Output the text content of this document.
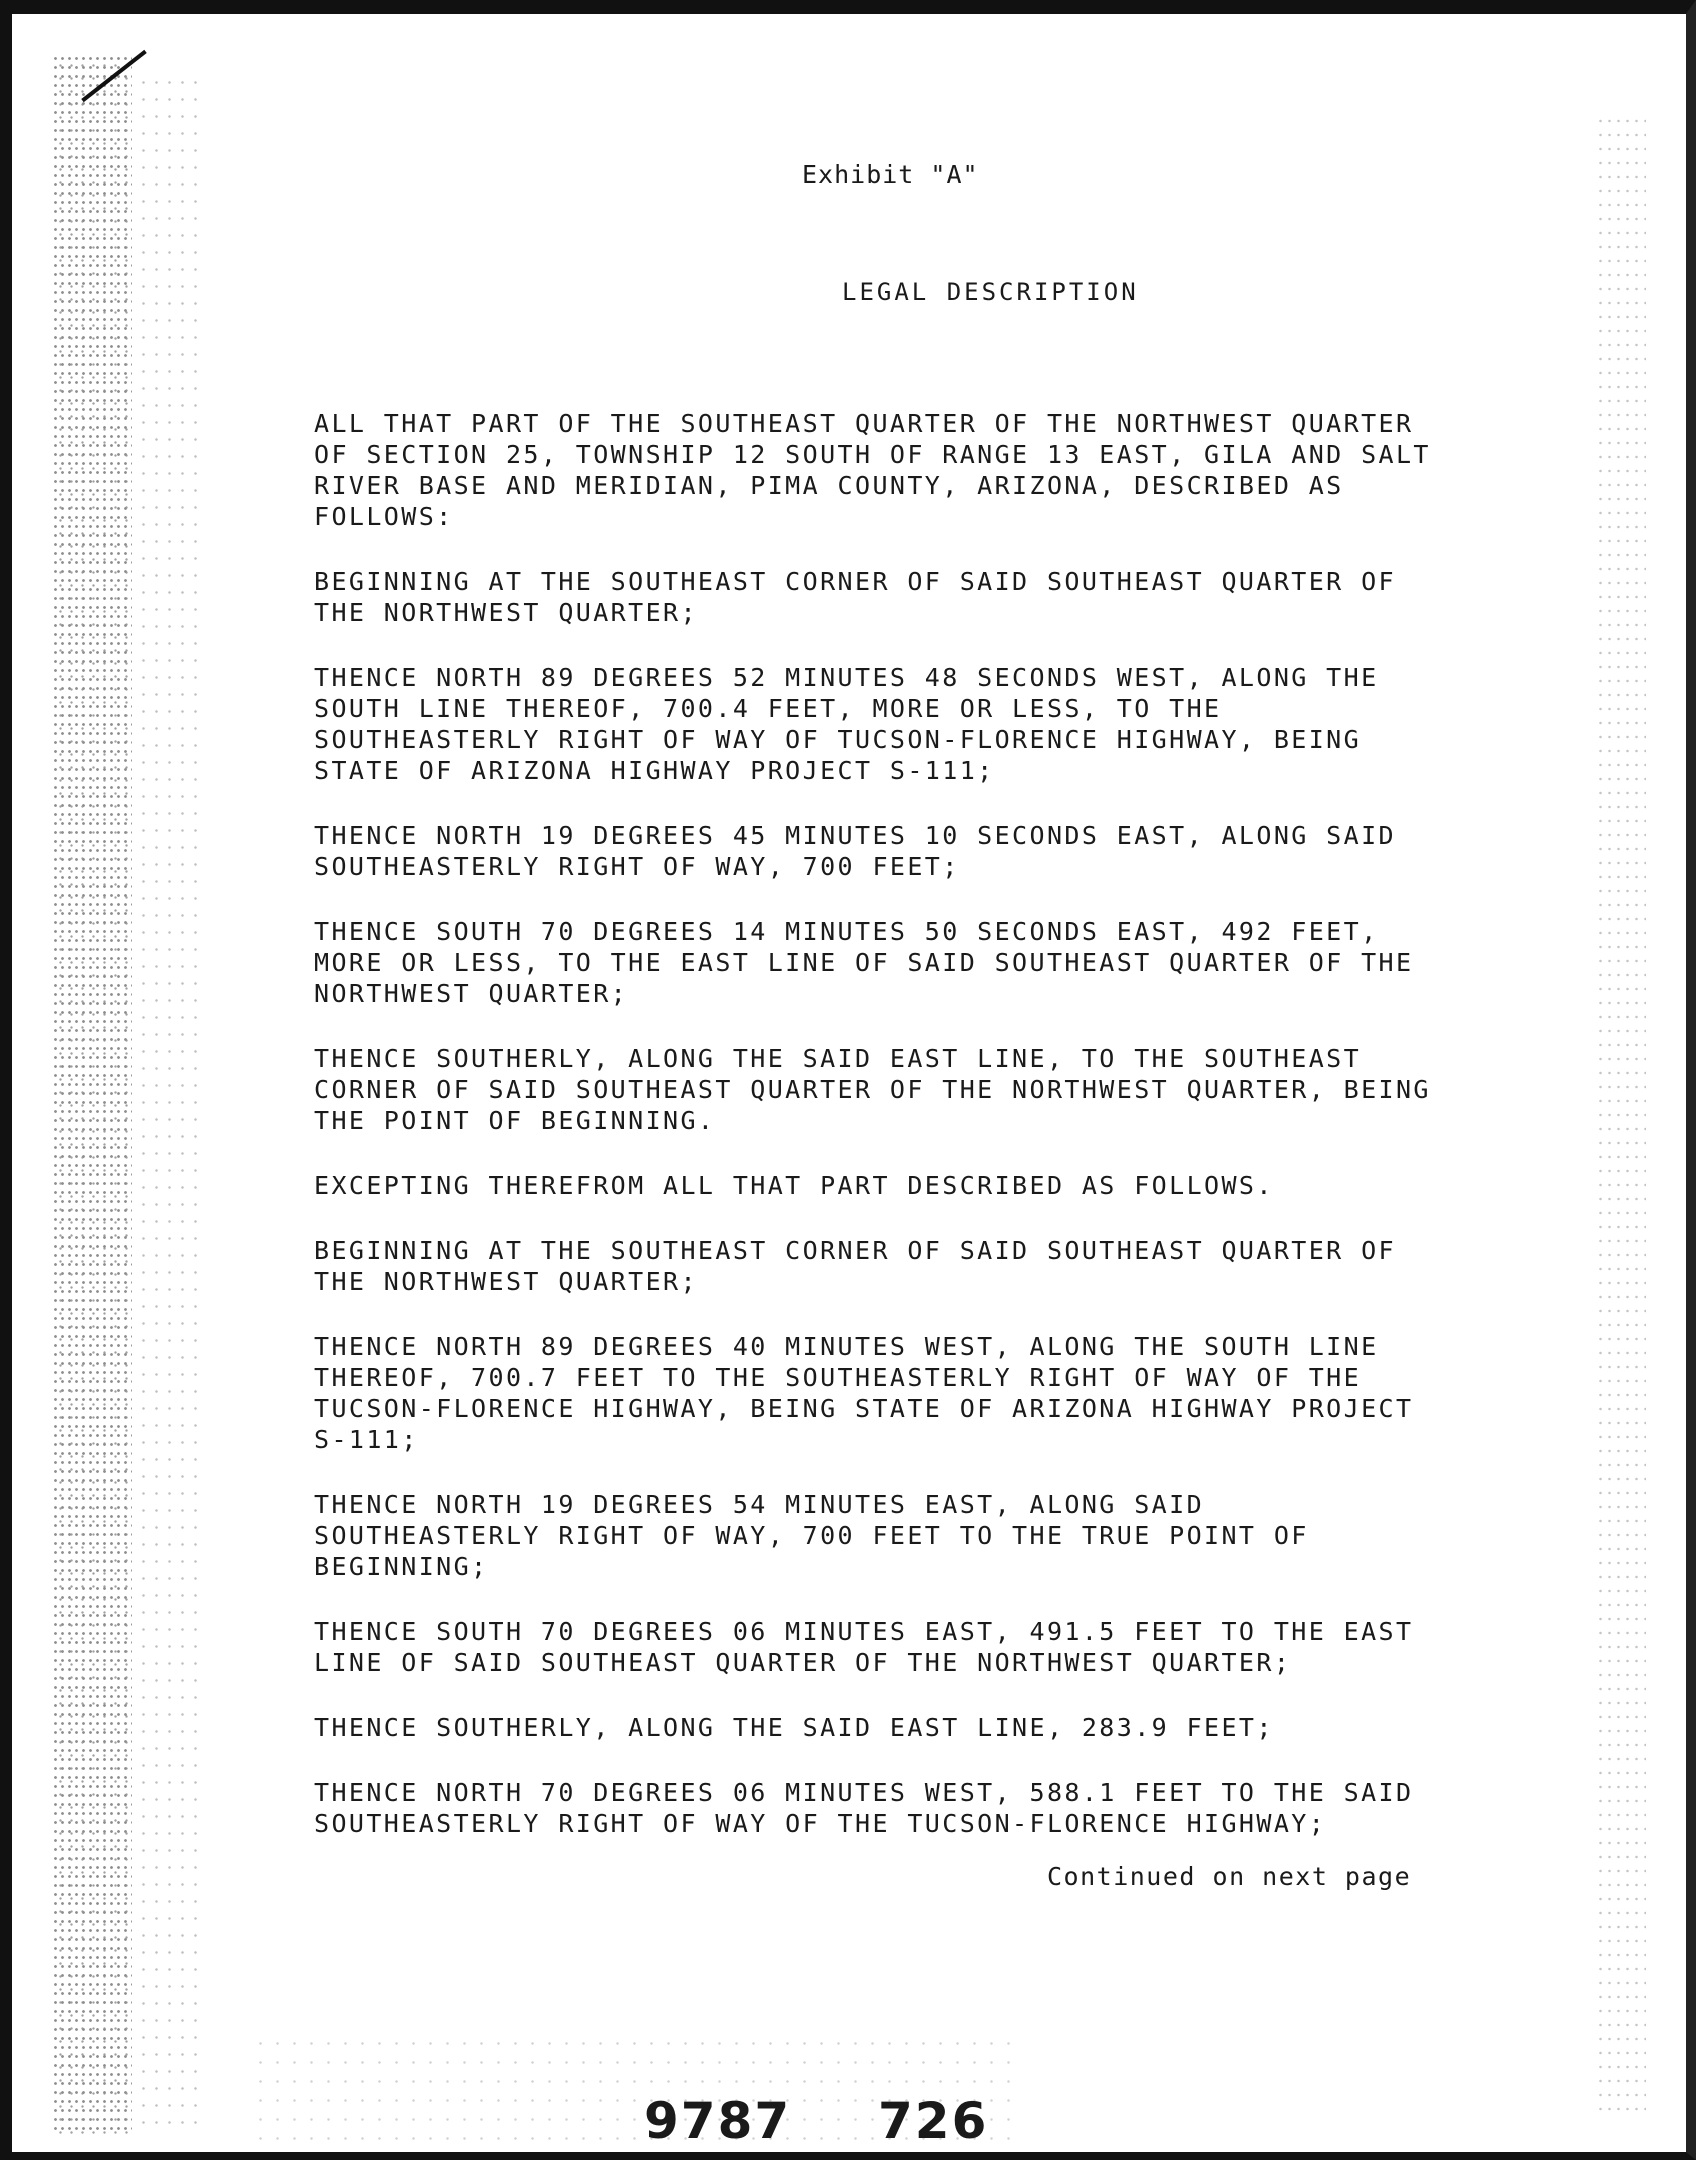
Exhibit "A"
LEGAL DESCRIPTION

ALL THAT PART OF THE SOUTHEAST QUARTER OF THE NORTHWEST QUARTER
OF SECTION 25, TOWNSHIP 12 SOUTH OF RANGE 13 EAST, GILA AND SALT
RIVER BASE AND MERIDIAN, PIMA COUNTY, ARIZONA, DESCRIBED AS
FOLLOWS:

BEGINNING AT THE SOUTHEAST CORNER OF SAID SOUTHEAST QUARTER OF
THE NORTHWEST QUARTER;

THENCE NORTH 89 DEGREES 52 MINUTES 48 SECONDS WEST, ALONG THE
SOUTH LINE THEREOF, 700.4 FEET, MORE OR LESS, TO THE
SOUTHEASTERLY RIGHT OF WAY OF TUCSON-FLORENCE HIGHWAY, BEING
STATE OF ARIZONA HIGHWAY PROJECT S-111;

THENCE NORTH 19 DEGREES 45 MINUTES 10 SECONDS EAST, ALONG SAID
SOUTHEASTERLY RIGHT OF WAY, 700 FEET;

THENCE SOUTH 70 DEGREES 14 MINUTES 50 SECONDS EAST, 492 FEET,
MORE OR LESS, TO THE EAST LINE OF SAID SOUTHEAST QUARTER OF THE
NORTHWEST QUARTER;

THENCE SOUTHERLY, ALONG THE SAID EAST LINE, TO THE SOUTHEAST
CORNER OF SAID SOUTHEAST QUARTER OF THE NORTHWEST QUARTER, BEING
THE POINT OF BEGINNING.

EXCEPTING THEREFROM ALL THAT PART DESCRIBED AS FOLLOWS.

BEGINNING AT THE SOUTHEAST CORNER OF SAID SOUTHEAST QUARTER OF
THE NORTHWEST QUARTER;

THENCE NORTH 89 DEGREES 40 MINUTES WEST, ALONG THE SOUTH LINE
THEREOF, 700.7 FEET TO THE SOUTHEASTERLY RIGHT OF WAY OF THE
TUCSON-FLORENCE HIGHWAY, BEING STATE OF ARIZONA HIGHWAY PROJECT
S-111;

THENCE NORTH 19 DEGREES 54 MINUTES EAST, ALONG SAID
SOUTHEASTERLY RIGHT OF WAY, 700 FEET TO THE TRUE POINT OF
BEGINNING;

THENCE SOUTH 70 DEGREES 06 MINUTES EAST, 491.5 FEET TO THE EAST
LINE OF SAID SOUTHEAST QUARTER OF THE NORTHWEST QUARTER;

THENCE SOUTHERLY, ALONG THE SAID EAST LINE, 283.9 FEET;

THENCE NORTH 70 DEGREES 06 MINUTES WEST, 588.1 FEET TO THE SAID
SOUTHEASTERLY RIGHT OF WAY OF THE TUCSON-FLORENCE HIGHWAY;

Continued on next page
9787 726
